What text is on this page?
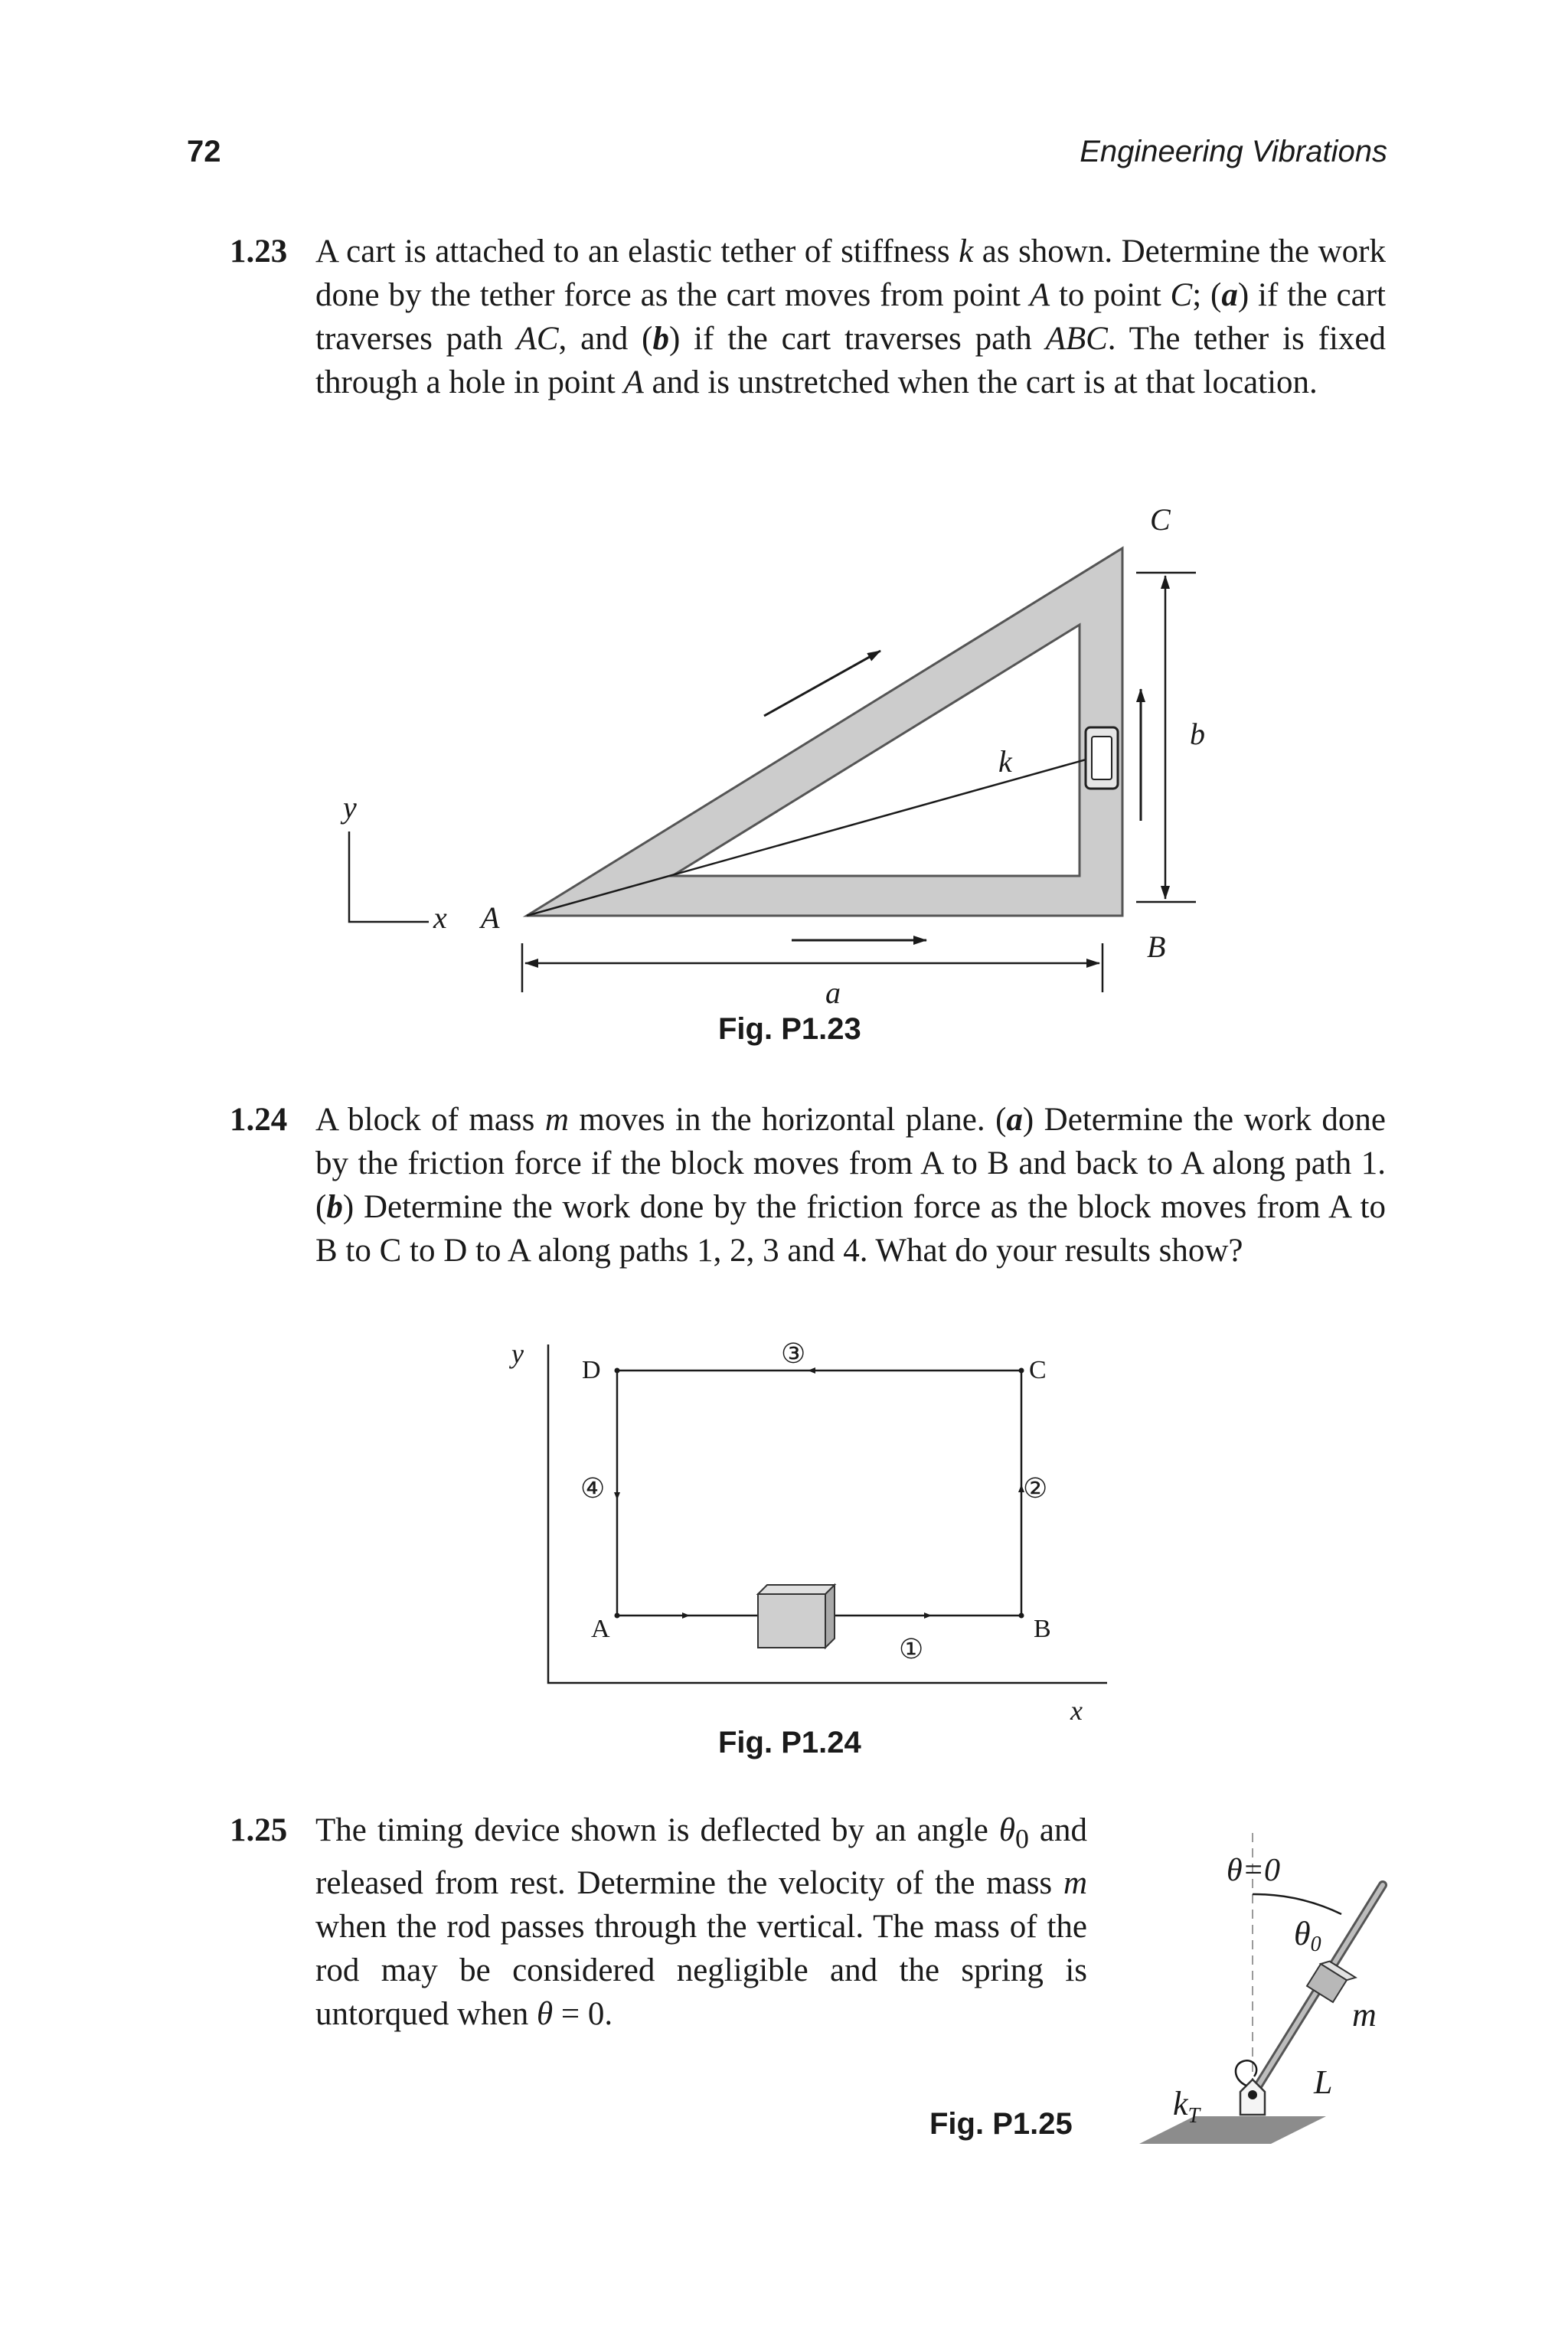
72	Engineering Vibrations
1.23 A cart is attached to an elastic tether of stiffness k as shown. Determine the work done by the tether force as the cart moves from point A to point C; (a) if the cart traverses path AC, and (b) if the cart traverses path ABC. The tether is fixed through a hole in point A and is unstretched when the cart is at that location.
1.24 A block of mass m moves in the horizontal plane. (a) Determine the work done by the friction force if the block moves from A to B and back to A along path 1. (b) Determine the work done by the friction force as the block moves from A to B to C to D to A along paths 1, 2, 3 and 4. What do your results show?
1.25 The timing device shown is deflected by an angle $\theta_0$ and released from rest. Determine the velocity of the mass m when the rod passes through the vertical. The mass of the rod may be considered negligible and the spring is untorqued when θ = 0.
Fig. P1.23
Fig. P1.24
Fig. P1.25
C
b
k
y
x A
B
a
y
x
D	C
A	B
①
②
③
④
θ=0
θ0
m
L
$k_T$
